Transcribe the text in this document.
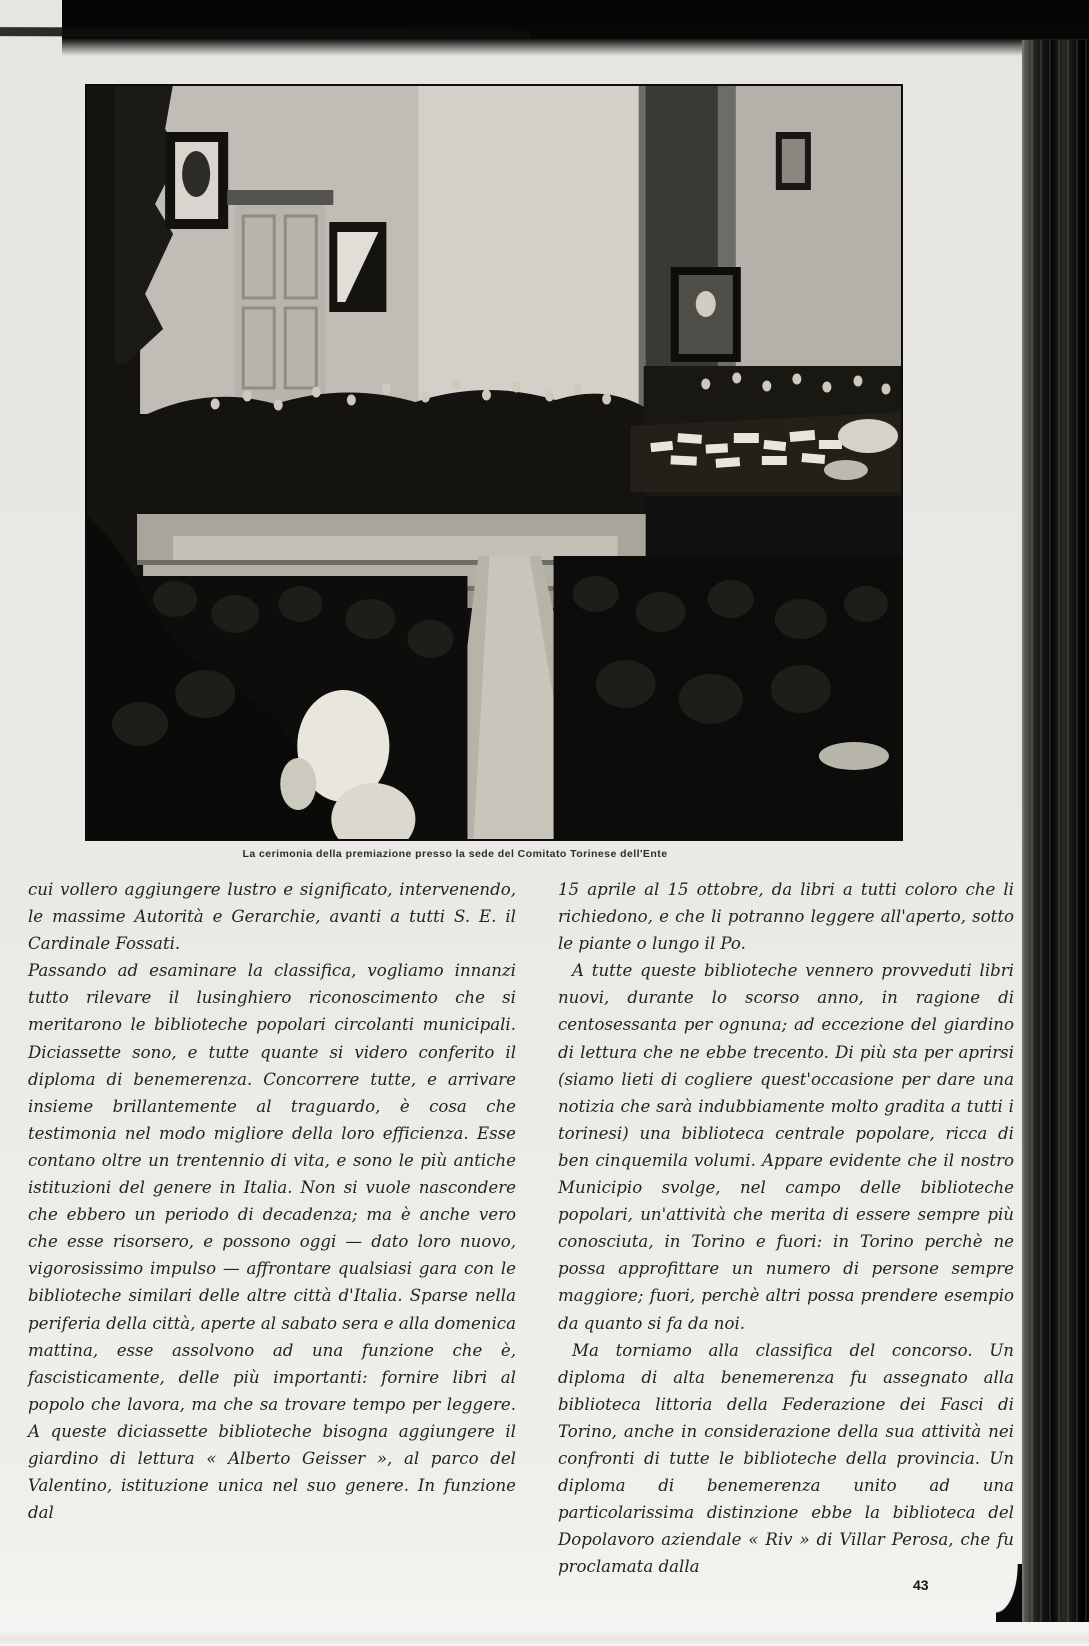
La cerimonia della premiazione presso la sede del Comitato Torinese dell'Ente

cui vollero aggiungere lustro e significato, intervenendo, le massime Autorità e Gerarchie, avanti a tutti S. E. il Cardinale Fossati.

Passando ad esaminare la classifica, vogliamo innanzi tutto rilevare il lusinghiero riconoscimento che si meritarono le biblioteche popolari circolanti municipali. Diciassette sono, e tutte quante si videro conferito il diploma di benemerenza. Concorrere tutte, e arrivare insieme brillantemente al traguardo, è cosa che testimonia nel modo migliore della loro efficienza. Esse contano oltre un trentennio di vita, e sono le più antiche istituzioni del genere in Italia. Non si vuole nascondere che ebbero un periodo di decadenza; ma è anche vero che esse risorsero, e possono oggi — dato loro nuovo, vigorosissimo impulso — affrontare qualsiasi gara con le biblioteche similari delle altre città d'Italia. Sparse nella periferia della città, aperte al sabato sera e alla domenica mattina, esse assolvono ad una funzione che è, fascisticamente, delle più importanti: fornire libri al popolo che lavora, ma che sa trovare tempo per leggere. A queste diciassette biblioteche bisogna aggiungere il giardino di lettura « Alberto Geisser », al parco del Valentino, istituzione unica nel suo genere. In funzione dal

15 aprile al 15 ottobre, da libri a tutti coloro che li richiedono, e che li potranno leggere all'aperto, sotto le piante o lungo il Po.

A tutte queste biblioteche vennero provveduti libri nuovi, durante lo scorso anno, in ragione di centosessanta per ognuna; ad eccezione del giardino di lettura che ne ebbe trecento. Di più sta per aprirsi (siamo lieti di cogliere quest'occasione per dare una notizia che sarà indubbiamente molto gradita a tutti i torinesi) una biblioteca centrale popolare, ricca di ben cinquemila volumi. Appare evidente che il nostro Municipio svolge, nel campo delle biblioteche popolari, un'attività che merita di essere sempre più conosciuta, in Torino e fuori: in Torino perchè ne possa approfittare un numero di persone sempre maggiore; fuori, perchè altri possa prendere esempio da quanto si fa da noi.

Ma torniamo alla classifica del concorso. Un diploma di alta benemerenza fu assegnato alla biblioteca littoria della Federazione dei Fasci di Torino, anche in considerazione della sua attività nei confronti di tutte le biblioteche della provincia. Un diploma di benemerenza unito ad una particolarissima distinzione ebbe la biblioteca del Dopolavoro aziendale « Riv » di Villar Perosa, che fu proclamata dalla

43
